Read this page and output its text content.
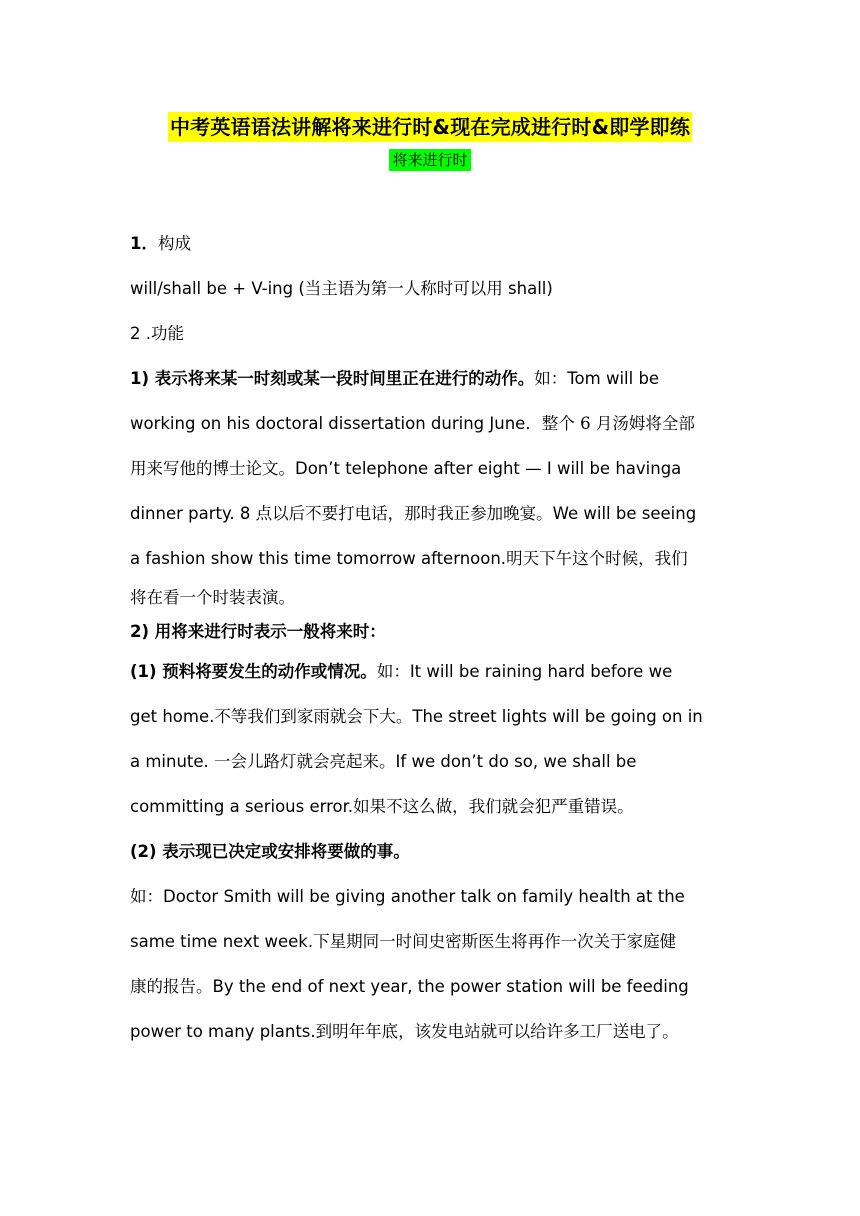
中考英语语法讲解将来进行时&现在完成进行时&即学即练
将来进行时

1．构成

will/shall be + V-ing (当主语为第一人称时可以用 shall)

2 .功能

1) 表示将来某一时刻或某一段时间里正在进行的动作。如：Tom will be

working on his doctoral dissertation during June．整个 6 月汤姆将全部

用来写他的博士论文。Don’t telephone after eight — I will be havinga

dinner party. 8 点以后不要打电话，那时我正参加晚宴。We will be seeing

a fashion show this time tomorrow afternoon.明天下午这个时候，我们

将在看一个时装表演。

2) 用将来进行时表示一般将来时：

(1) 预料将要发生的动作或情况。如：It will be raining hard before we

get home.不等我们到家雨就会下大。The street lights will be going on in

a minute. 一会儿路灯就会亮起来。If we don’t do so, we shall be

committing a serious error.如果不这么做，我们就会犯严重错误。

(2) 表示现已决定或安排将要做的事。

如：Doctor Smith will be giving another talk on family health at the

same time next week.下星期同一时间史密斯医生将再作一次关于家庭健

康的报告。By the end of next year, the power station will be feeding

power to many plants.到明年年底，该发电站就可以给许多工厂送电了。
